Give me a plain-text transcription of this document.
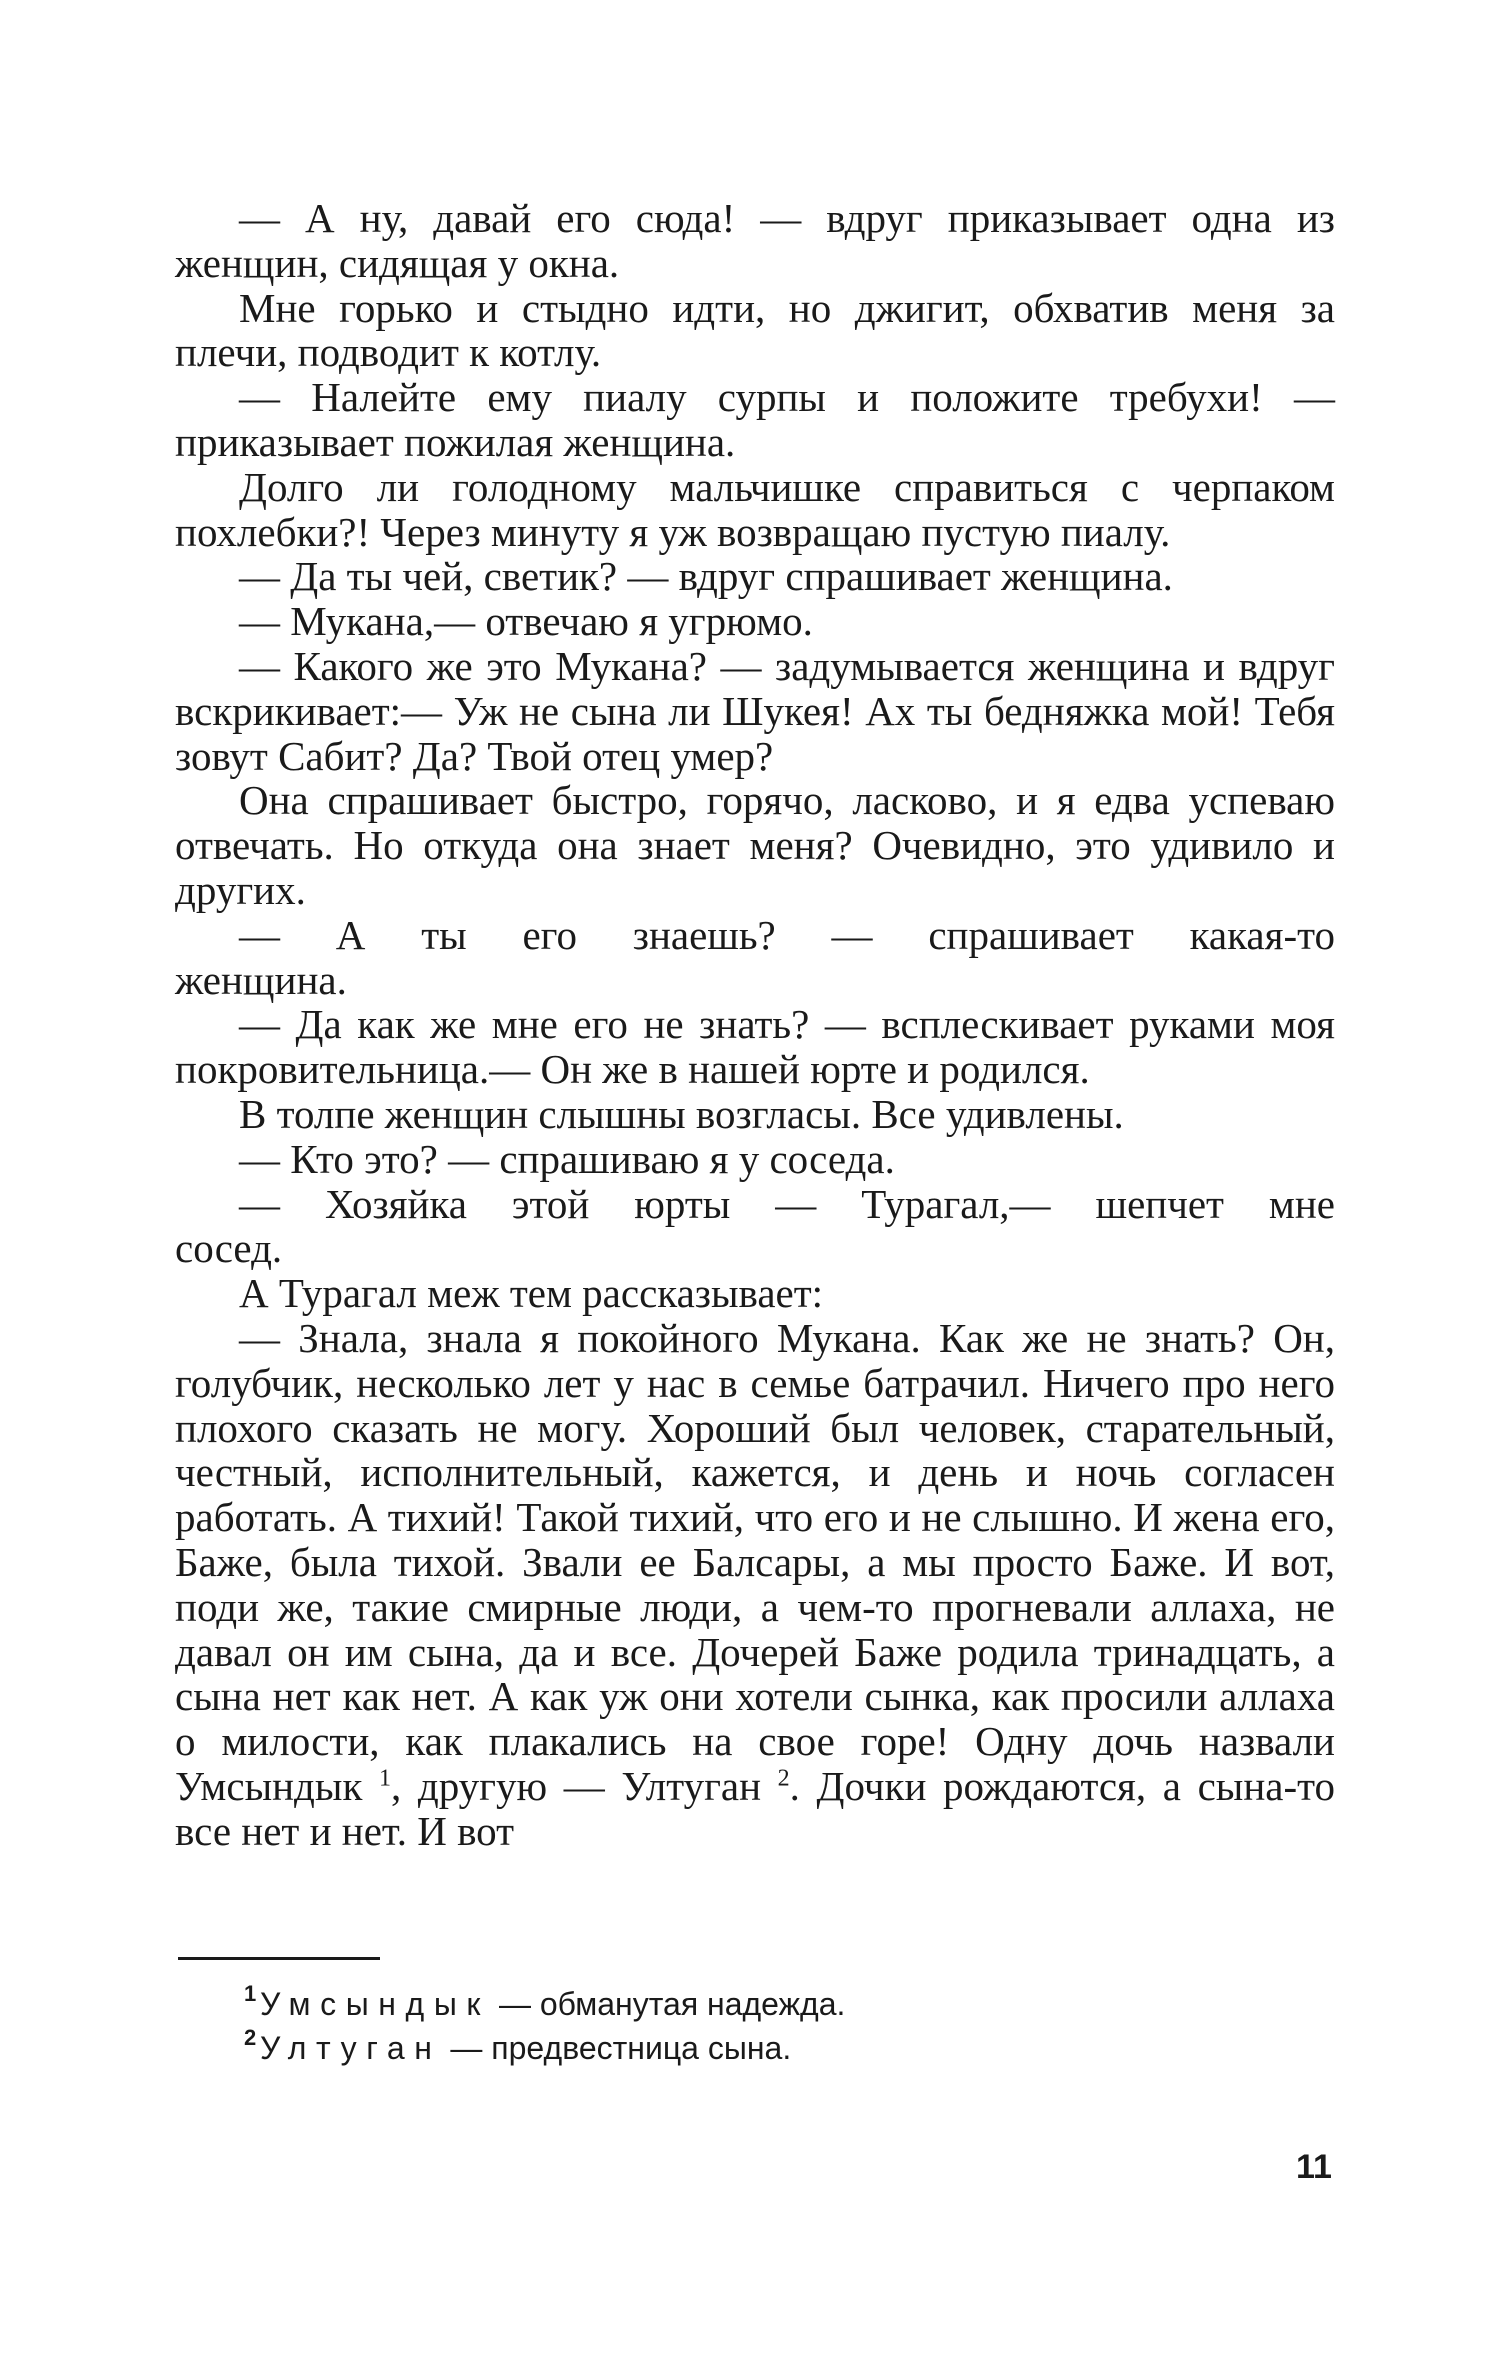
— А ну, давай его сюда! — вдруг приказывает одна из женщин, сидящая у окна.

Мне горько и стыдно идти, но джигит, обхватив меня за плечи, подводит к котлу.

— Налейте ему пиалу сурпы и положите требухи! — приказывает пожилая женщина.

Долго ли голодному мальчишке справиться с черпаком похлебки?! Через минуту я уж возвращаю пустую пиалу.

— Да ты чей, светик? — вдруг спрашивает женщина.

— Мукана,— отвечаю я угрюмо.

— Какого же это Мукана? — задумывается женщина и вдруг вскрикивает:— Уж не сына ли Шукея! Ах ты бедняжка мой! Тебя зовут Сабит? Да? Твой отец умер?

Она спрашивает быстро, горячо, ласково, и я едва успеваю отвечать. Но откуда она знает меня? Очевидно, это удивило и других.

— А ты его знаешь? — спрашивает какая-то женщина.

— Да как же мне его не знать? — всплескивает руками моя покровительница.— Он же в нашей юрте и родился.

В толпе женщин слышны возгласы. Все удивлены.

— Кто это? — спрашиваю я у соседа.

— Хозяйка этой юрты — Турагал,— шепчет мне сосед.

А Турагал меж тем рассказывает:

— Знала, знала я покойного Мукана. Как же не знать? Он, голубчик, несколько лет у нас в семье батрачил. Ничего про него плохого сказать не могу. Хороший был человек, старательный, честный, исполнительный, кажется, и день и ночь согласен работать. А тихий! Такой тихий, что его и не слышно. И жена его, Баже, была тихой. Звали ее Балсары, а мы просто Баже. И вот, поди же, такие смирные люди, а чем-то прогневали аллаха, не давал он им сына, да и все. Дочерей Баже родила тринадцать, а сына нет как нет. А как уж они хотели сынка, как просили аллаха о милости, как плакались на свое горе! Одну дочь назвали Умсындык $^1$, другую — Ултуган $^2$. Дочки рождаются, а сына-то все нет и нет. И вот

1 Умсындык — обманутая надежда.

2 Ултуган — предвестница сына.

11
